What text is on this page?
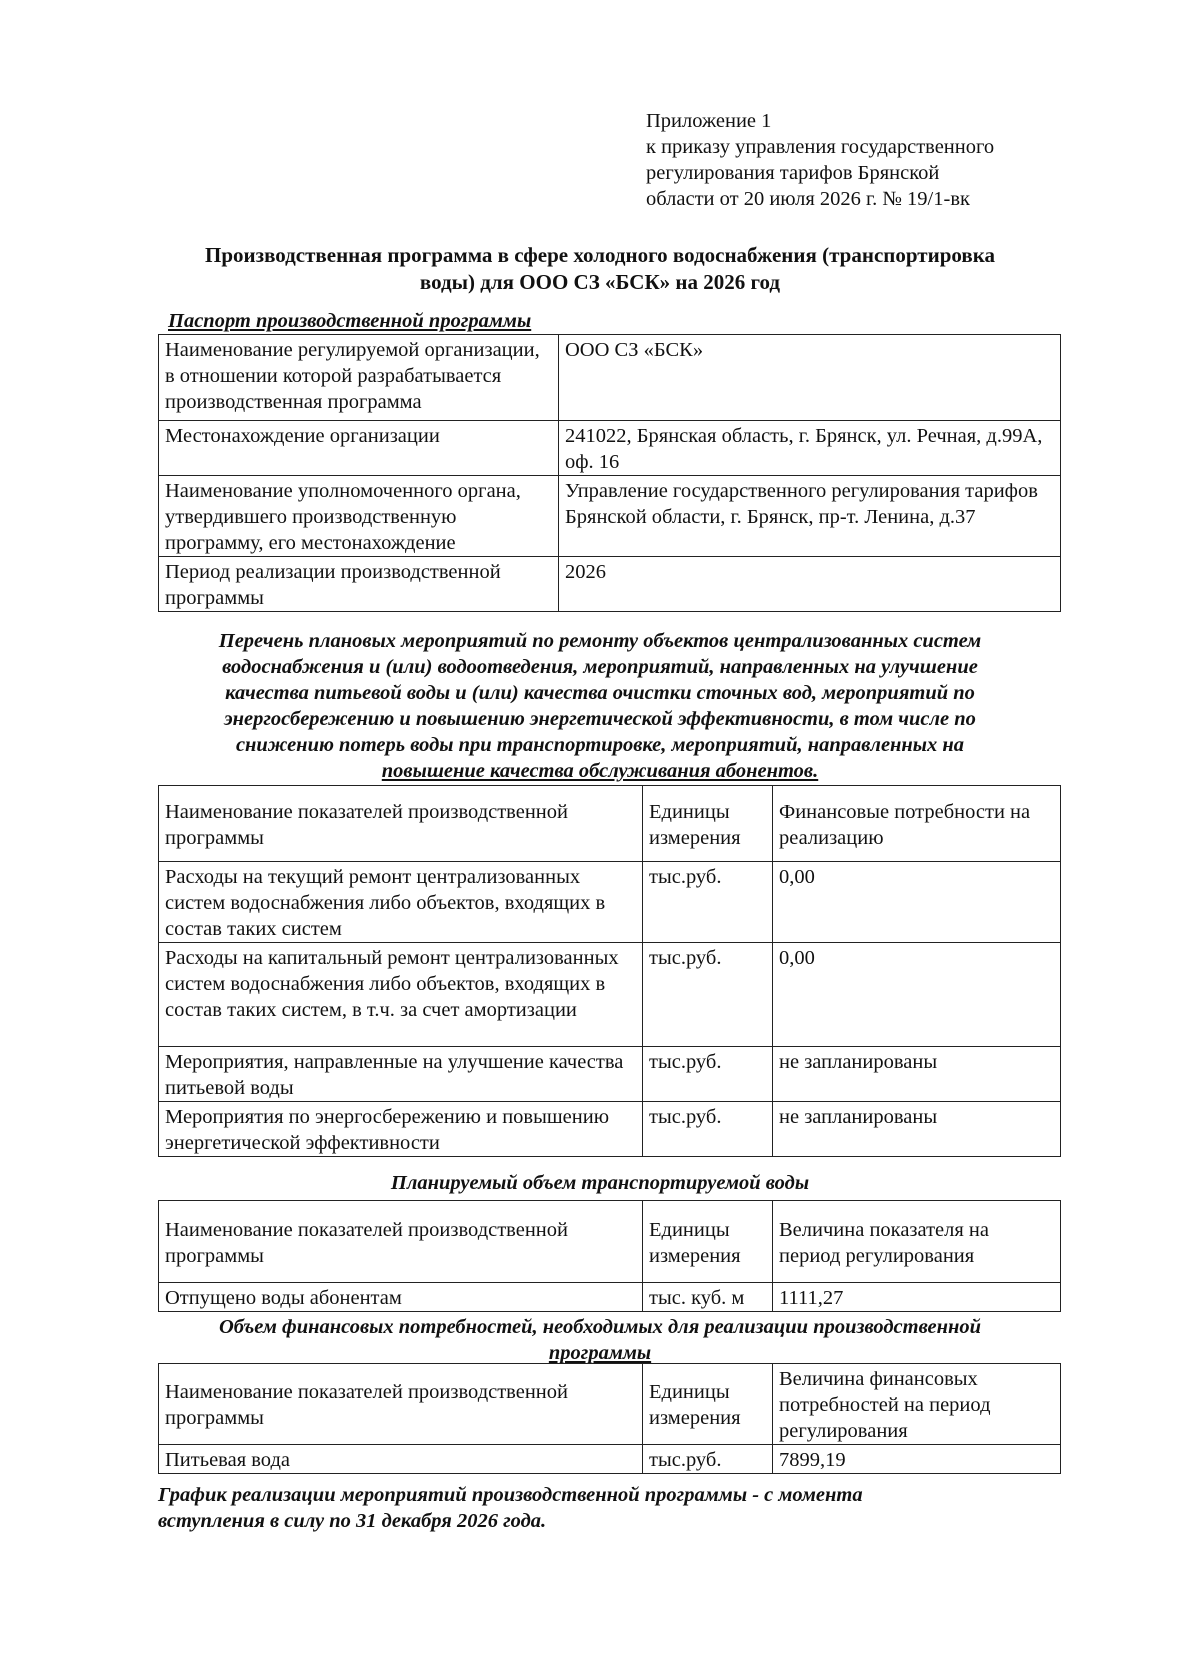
Приложение 1
к приказу управления государственного
регулирования тарифов Брянской
области от 20 июля 2026 г. № 19/1-вк
Производственная программа в сфере холодного водоснабжения (транспортировка
воды) для ООО СЗ «БСК» на 2026 год
Паспорт производственной программы
Наименование регулируемой организации, в отношении которой разрабатывается производственная программа	ООО СЗ «БСК»
Местонахождение организации	241022, Брянская область, г. Брянск, ул. Речная, д.99А, оф. 16
Наименование уполномоченного органа, утвердившего производственную программу, его местонахождение	Управление государственного регулирования тарифов Брянской области, г. Брянск, пр-т. Ленина, д.37
Период реализации производственной программы	2026
Перечень плановых мероприятий по ремонту объектов централизованных систем
водоснабжения и (или) водоотведения, мероприятий, направленных на улучшение
качества питьевой воды и (или) качества очистки сточных вод, мероприятий по
энергосбережению и повышению энергетической эффективности, в том числе по
снижению потерь воды при транспортировке, мероприятий, направленных на
повышение качества обслуживания абонентов.
Наименование показателей производственной программы	Единицы измерения	Финансовые потребности на реализацию
Расходы на текущий ремонт централизованных систем водоснабжения либо объектов, входящих в состав таких систем	тыс.руб.	0,00
Расходы на капитальный ремонт централизованных систем водоснабжения либо объектов, входящих в состав таких систем, в т.ч. за счет амортизации	тыс.руб.	0,00
Мероприятия, направленные на улучшение качества питьевой воды	тыс.руб.	не запланированы
Мероприятия по энергосбережению и повышению энергетической эффективности	тыс.руб.	не запланированы
Планируемый объем транспортируемой воды
Наименование показателей производственной программы	Единицы измерения	Величина показателя на период регулирования
Отпущено воды абонентам	тыс. куб. м	1111,27
Объем финансовых потребностей, необходимых для реализации производственной
программы
Наименование показателей производственной программы	Единицы измерения	Величина финансовых потребностей на период регулирования
Питьевая вода	тыс.руб.	7899,19
График реализации мероприятий производственной программы - с момента
вступления в силу по 31 декабря 2026 года.
